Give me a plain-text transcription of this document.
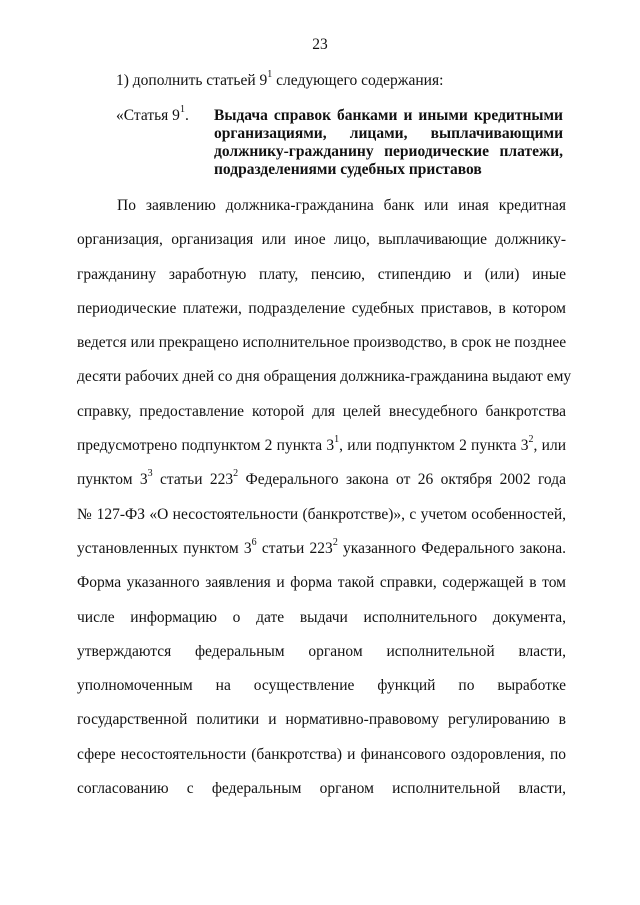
23
1) дополнить статьей $9^1$ следующего содержания:
«Статья $9^1$. Выдача справок банками и иными кредитными
организациями, лицами, выплачивающими
должнику-гражданину периодические платежи,
подразделениями судебных приставов
По заявлению должника-гражданина банк или иная кредитная
организация, организация или иное лицо, выплачивающие должнику-
гражданину заработную плату, пенсию, стипендию и (или) иные
периодические платежи, подразделение судебных приставов, в котором
ведется или прекращено исполнительное производство, в срок не позднее
десяти рабочих дней со дня обращения должника-гражданина выдают ему
справку, предоставление которой для целей внесудебного банкротства
предусмотрено подпунктом 2 пункта $3^1$, или подпунктом 2 пункта $3^2$, или
пунктом $3^3$ статьи $223^2$ Федерального закона от 26 октября 2002 года
№ 127-ФЗ «О несостоятельности (банкротстве)», с учетом особенностей,
установленных пунктом $3^6$ статьи $223^2$ указанного Федерального закона.
Форма указанного заявления и форма такой справки, содержащей в том
числе информацию о дате выдачи исполнительного документа,
утверждаются федеральным органом исполнительной власти,
уполномоченным на осуществление функций по выработке
государственной политики и нормативно-правовому регулированию в
сфере несостоятельности (банкротства) и финансового оздоровления, по
согласованию с федеральным органом исполнительной власти,
